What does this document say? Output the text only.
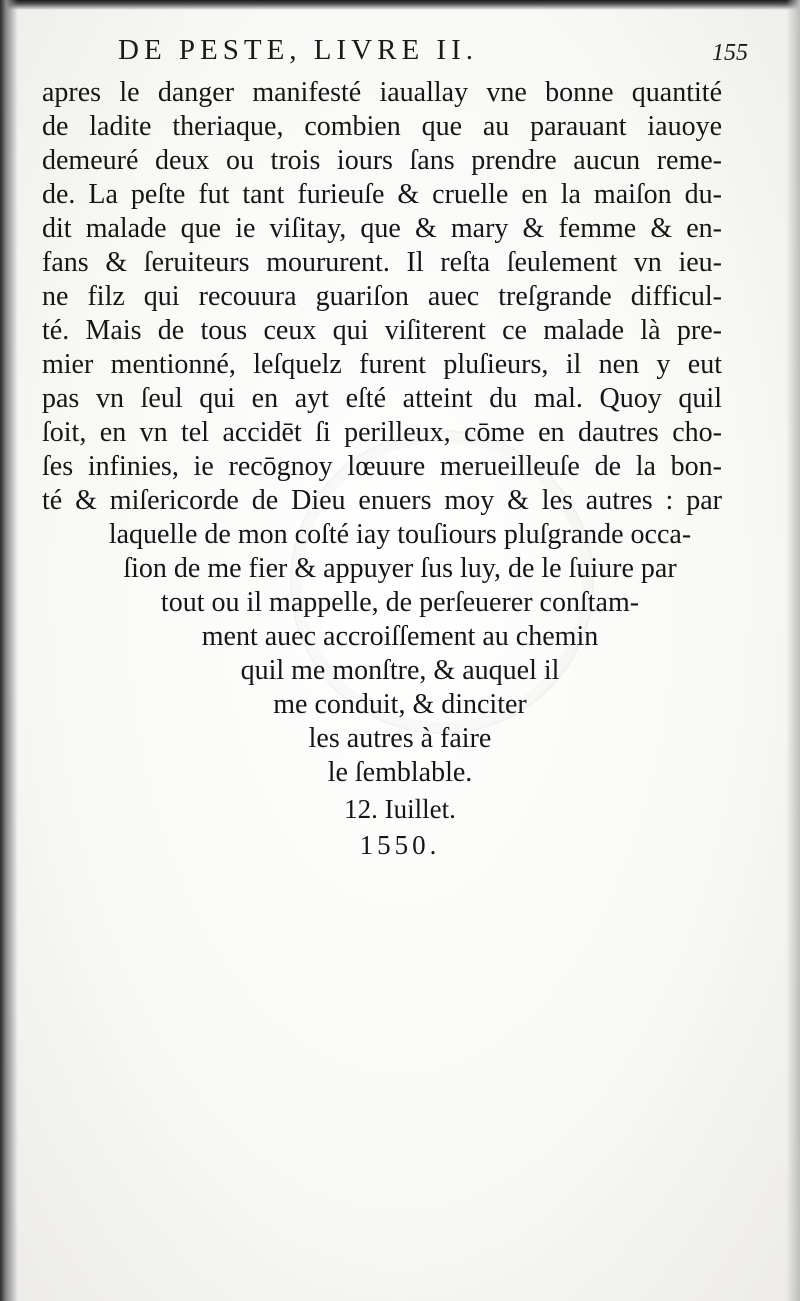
DE PESTE, LIVRE II.	155
apres le danger manifesté iauallay vne bonne quantité
de ladite theriaque, combien que au parauant iauoye
demeuré deux ou trois iours ſans prendre aucun reme-
de. La peſte fut tant furieuſe & cruelle en la maiſon du-
dit malade que ie viſitay, que & mary & femme & en-
fans & ſeruiteurs moururent. Il reſta ſeulement vn ieu-
ne filz qui recouura guariſon auec treſgrande difficul-
té. Mais de tous ceux qui viſiterent ce malade là pre-
mier mentionné, leſquelz furent pluſieurs, il nen y eut
pas vn ſeul qui en ayt eſté atteint du mal. Quoy quil
ſoit, en vn tel accidēt ſi perilleux, cōme en dautres cho-
ſes infinies, ie recōgnoy lœuure merueilleuſe de la bon-
té & miſericorde de Dieu enuers moy & les autres : par
laquelle de mon coſté iay touſiours pluſgrande occa-
ſion de me fier & appuyer ſus luy, de le ſuiure par
tout ou il mappelle, de perſeuerer conſtam-
ment auec accroiſſement au chemin
quil me monſtre, & auquel il
me conduit, & dinciter
les autres à faire
le ſemblable.
12. Iuillet.
1550.
